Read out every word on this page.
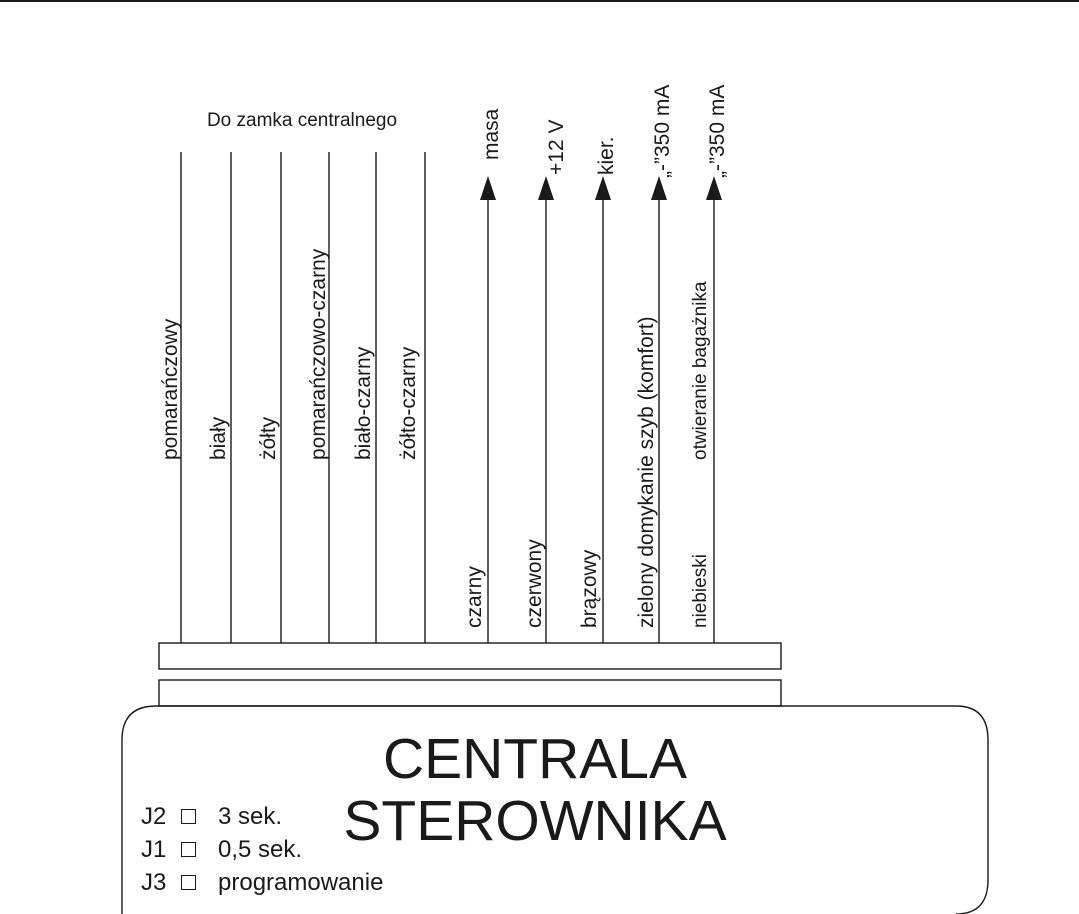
Do zamka centralnego
pomarańczowy biały żółty pomarańczowo-czarny biało-czarny żółto-czarny
czarny czerwony brązowy zielony domykanie szyb (komfort) niebieski
otwieranie bagażnika
masa +12 V kier. „-”350 mA „-”350 mA
CENTRALA
STEROWNIKA
J2	3 sek.
J1	0,5 sek.
J3	programowanie
